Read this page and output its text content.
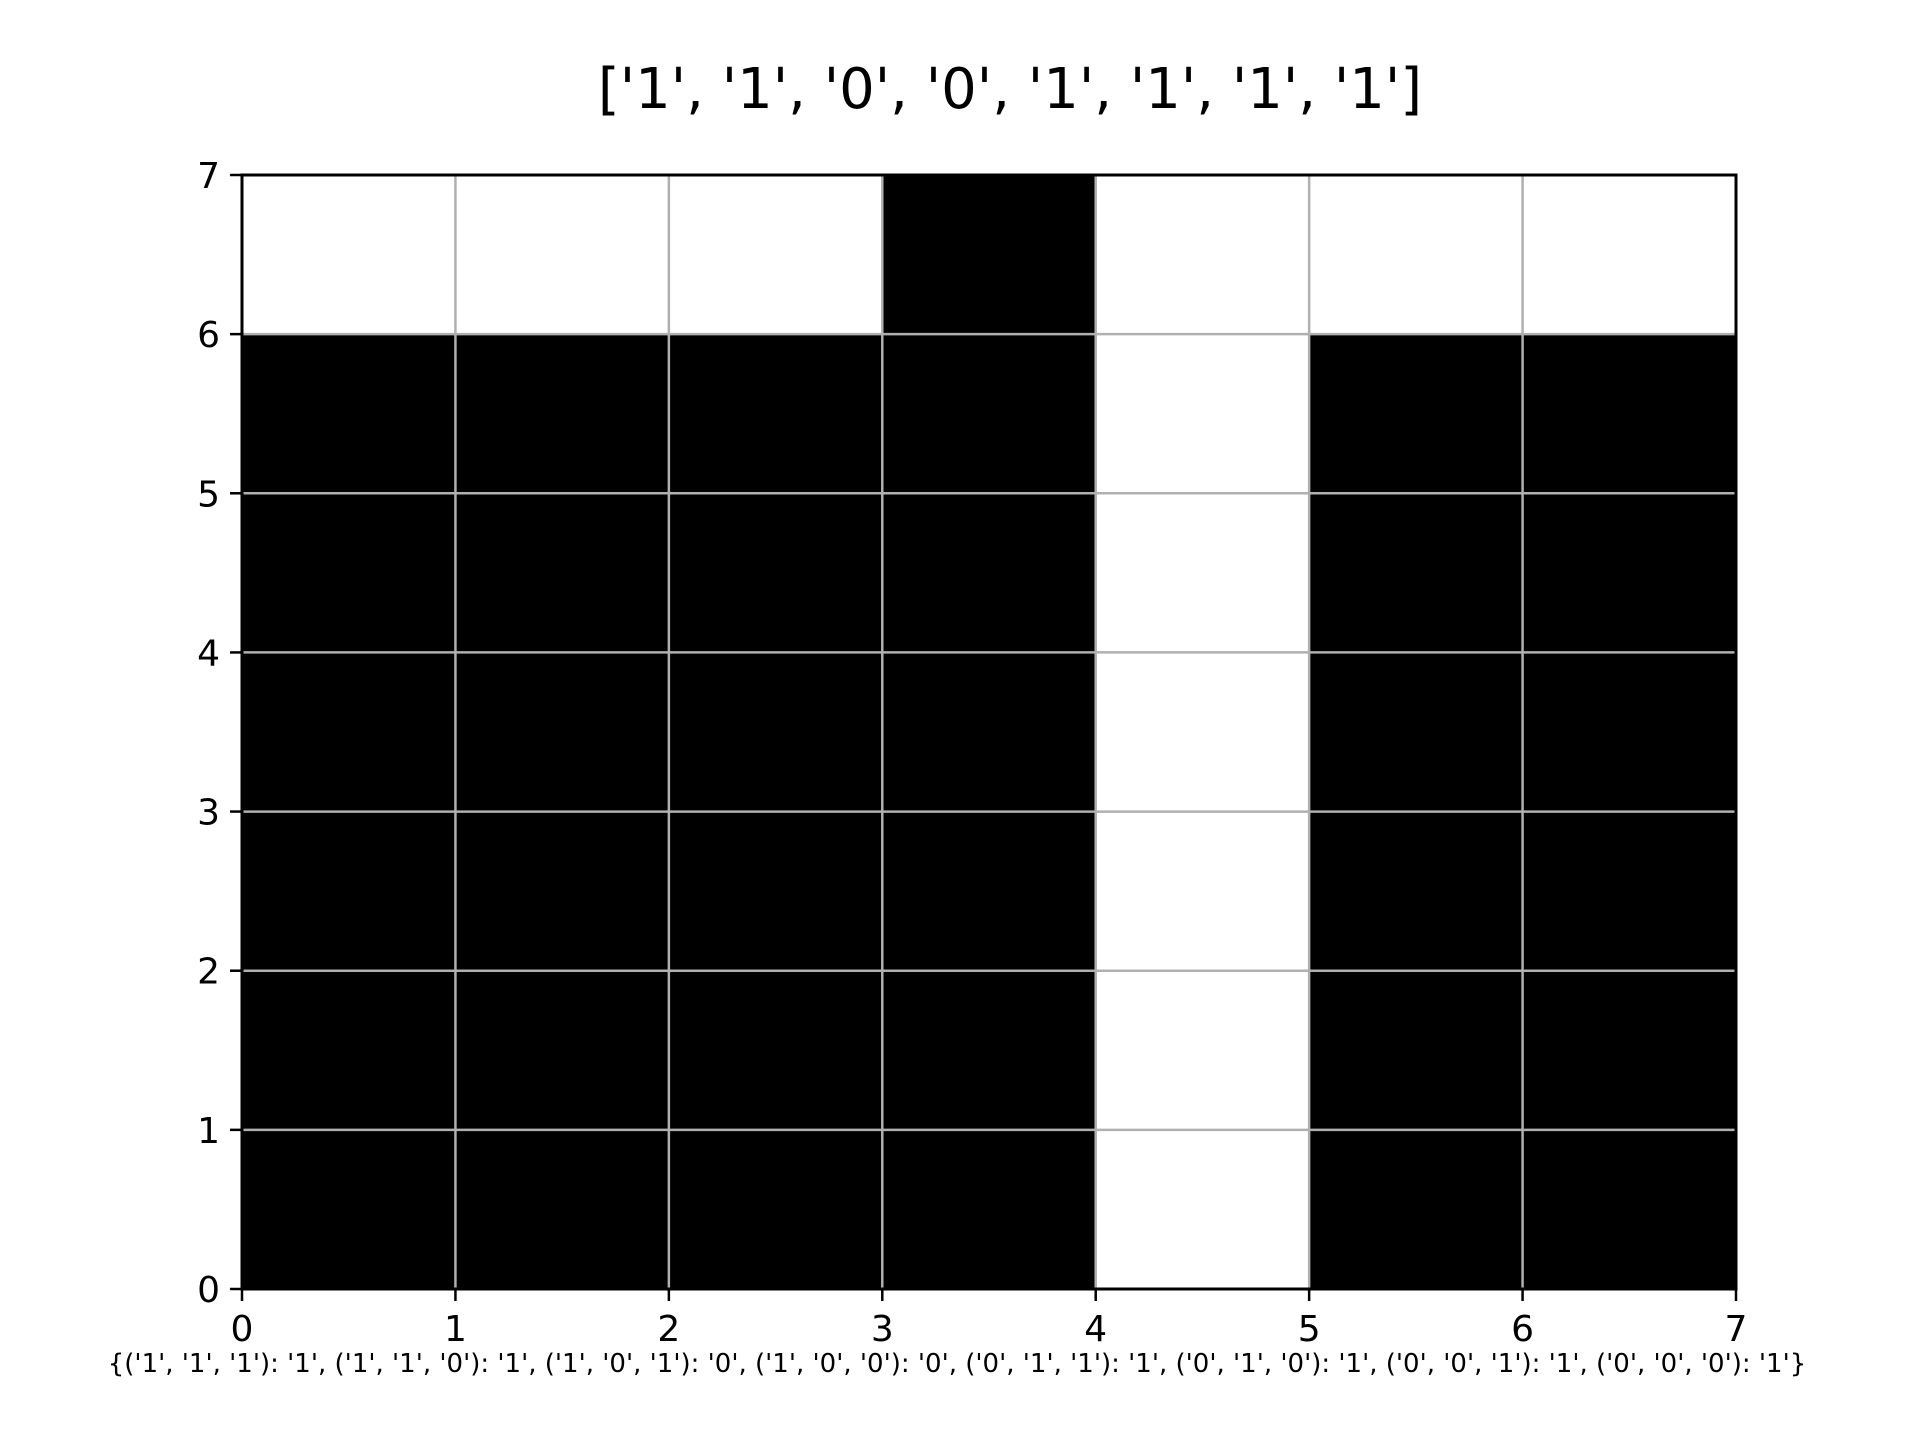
['1', '1', '0', '0', '1', '1', '1', '1']
0	1	2	3	4	5	6	7
0
1
2
3
4
5
6
7
{('1', '1', '1'): '1', ('1', '1', '0'): '1', ('1', '0', '1'): '0', ('1', '0', '0'): '0', ('0', '1', '1'): '1', ('0', '1', '0'): '1', ('0', '0', '1'): '1', ('0', '0', '0'): '1'}
